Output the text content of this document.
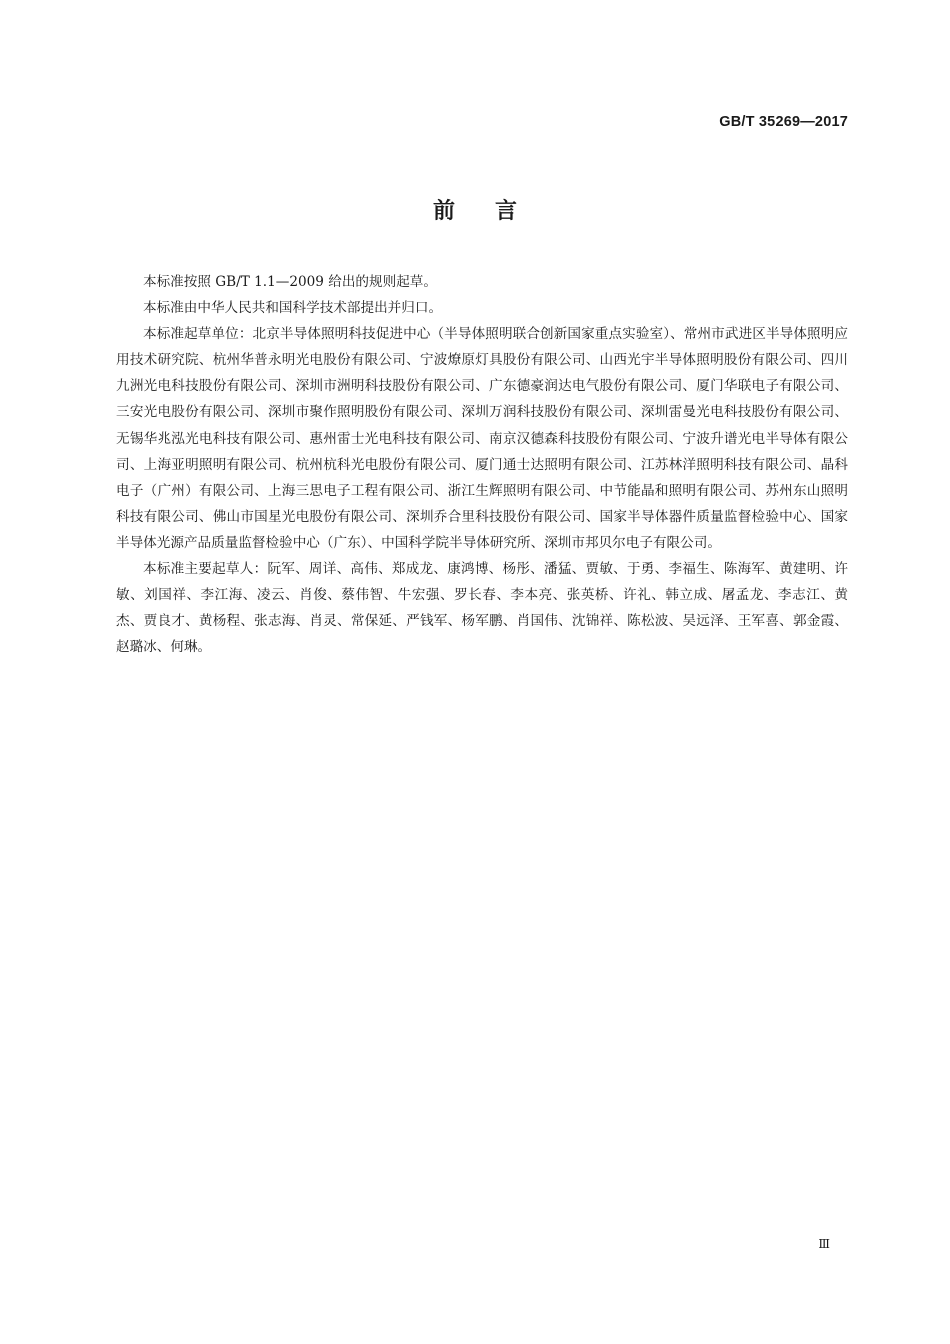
GB/T 35269—2017

前言

本标准按照 GB/T 1.1—2009 给出的规则起草。

本标准由中华人民共和国科学技术部提出并归口。

本标准起草单位：北京半导体照明科技促进中心（半导体照明联合创新国家重点实验室）、常州市武进区半导体照明应用技术研究院、杭州华普永明光电股份有限公司、宁波燎原灯具股份有限公司、山西光宇半导体照明股份有限公司、四川九洲光电科技股份有限公司、深圳市洲明科技股份有限公司、广东德豪润达电气股份有限公司、厦门华联电子有限公司、三安光电股份有限公司、深圳市聚作照明股份有限公司、深圳万润科技股份有限公司、深圳雷曼光电科技股份有限公司、无锡华兆泓光电科技有限公司、惠州雷士光电科技有限公司、南京汉德森科技股份有限公司、宁波升谱光电半导体有限公司、上海亚明照明有限公司、杭州杭科光电股份有限公司、厦门通士达照明有限公司、江苏林洋照明科技有限公司、晶科电子（广州）有限公司、上海三思电子工程有限公司、浙江生辉照明有限公司、中节能晶和照明有限公司、苏州东山照明科技有限公司、佛山市国星光电股份有限公司、深圳乔合里科技股份有限公司、国家半导体器件质量监督检验中心、国家半导体光源产品质量监督检验中心（广东）、中国科学院半导体研究所、深圳市邦贝尔电子有限公司。

本标准主要起草人：阮军、周详、高伟、郑成龙、康鸿博、杨彤、潘猛、贾敏、于勇、李福生、陈海军、黄建明、许敏、刘国祥、李江海、凌云、肖俊、蔡伟智、牛宏强、罗长春、李本亮、张英桥、许礼、韩立成、屠孟龙、李志江、黄杰、贾良才、黄杨程、张志海、肖灵、常保延、严钱军、杨军鹏、肖国伟、沈锦祥、陈松波、吴远泽、王军喜、郭金霞、赵璐冰、何琳。

Ⅲ
